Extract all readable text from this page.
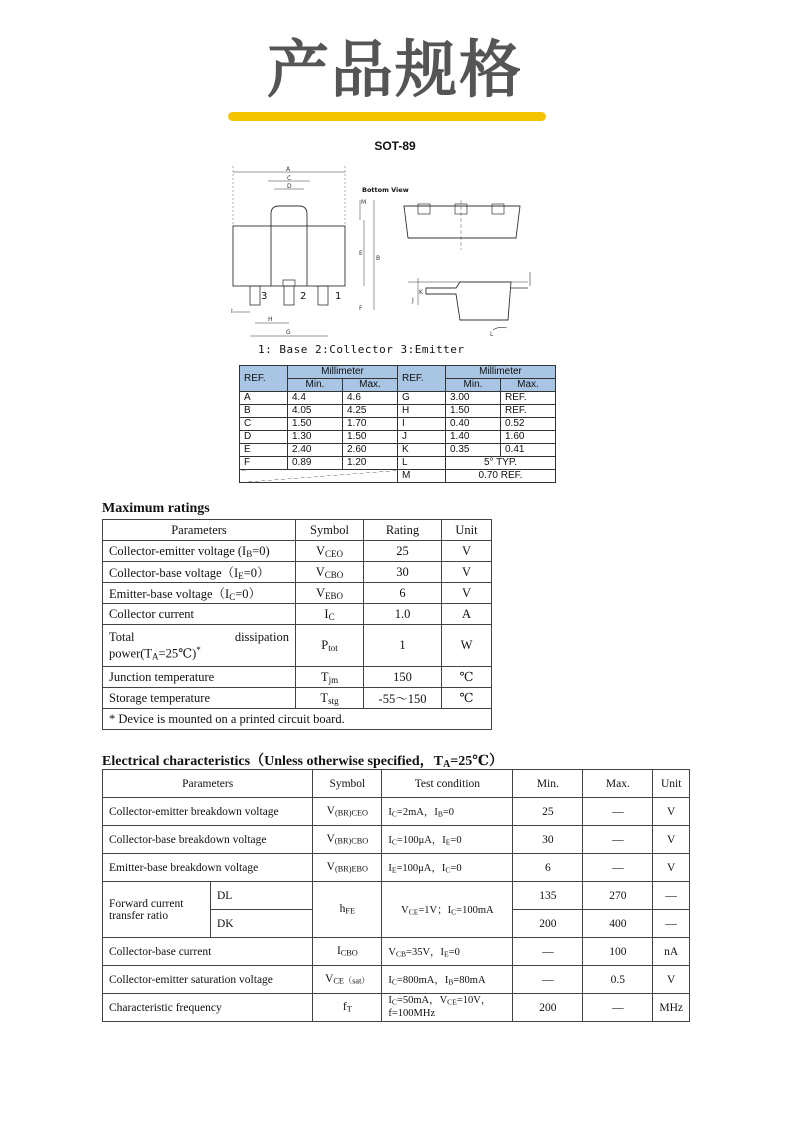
产品规格
SOT-89
A
C
D
3	2	1
B
M
E
F
G
H
I
Bottom View
J
K
L
1: Base 2:Collector 3:Emitter
REF.	Millimeter		REF.	Millimeter	
	Min.	Max.		Min.	Max.
A	4.4	4.6	G	3.00	REF.
B	4.05	4.25	H	1.50	REF.
C	1.50	1.70	I	0.40	0.52
D	1.30	1.50	J	1.40	1.60
E	2.40	2.60	K	0.35	0.41
F	0.89	1.20	L	5° TYP.	
			M	0.70 REF.	
Maximum ratings
Parameters	Symbol	Rating	Unit
Collector-emitter voltage $(I_B=0)$	$V_{CEO}$	25	V
Collector-base $voltage(I_E=0)$	$V_{CBO}$	30	V
Emitter-base $voltage(I_C=0)$	$V_{EBO}$	6	V
Collector current	$I_C$	1.0	A

Total dissipation
$power(T_A=25℃)^*$	$P_{tot}$	1	W
Junction temperature	$T_{jm}$	150	℃
Storage temperature	$T_{stg}$	-55～150	℃
* Device is mounted on a printed circuit board.			
Electrical characteristics（Unless otherwise specified，$T_A=25℃$）
Parameters		Symbol	Test condition	Min.	Max.	Unit
Collector-emitter breakdown voltage		$V_{(BR)CEO}$	$I_C=2mA$，$I_B=0$	25	—	V
Collector-base breakdown voltage		$V_{(BR)CBO}$	$I_C=100\mu A$，$I_E=0$	30	—	V
Emitter-base breakdown voltage		$V_{(BR)EBO}$	$I_E=100\mu A$，$I_C=0$	6	—	V

Forward current
transfer ratio	DL	$h_{FE}$	$V_{CE}=1V$；$I_C=100mA$	135	270	—
	DK			200	400	—
Collector-base current		$I_{CBO}$	$V_{CB}=35V$，$I_E=0$	—	100	nA
Collector-emitter saturation voltage		$V_{CE(sat)}$	$I_C=800mA$，$I_B=80mA$	—	0.5	V
Characteristic frequency		$f_T$	$I_C=50mA$，$V_{CE}=10V$，
f=100MHz	200	—	MHz
